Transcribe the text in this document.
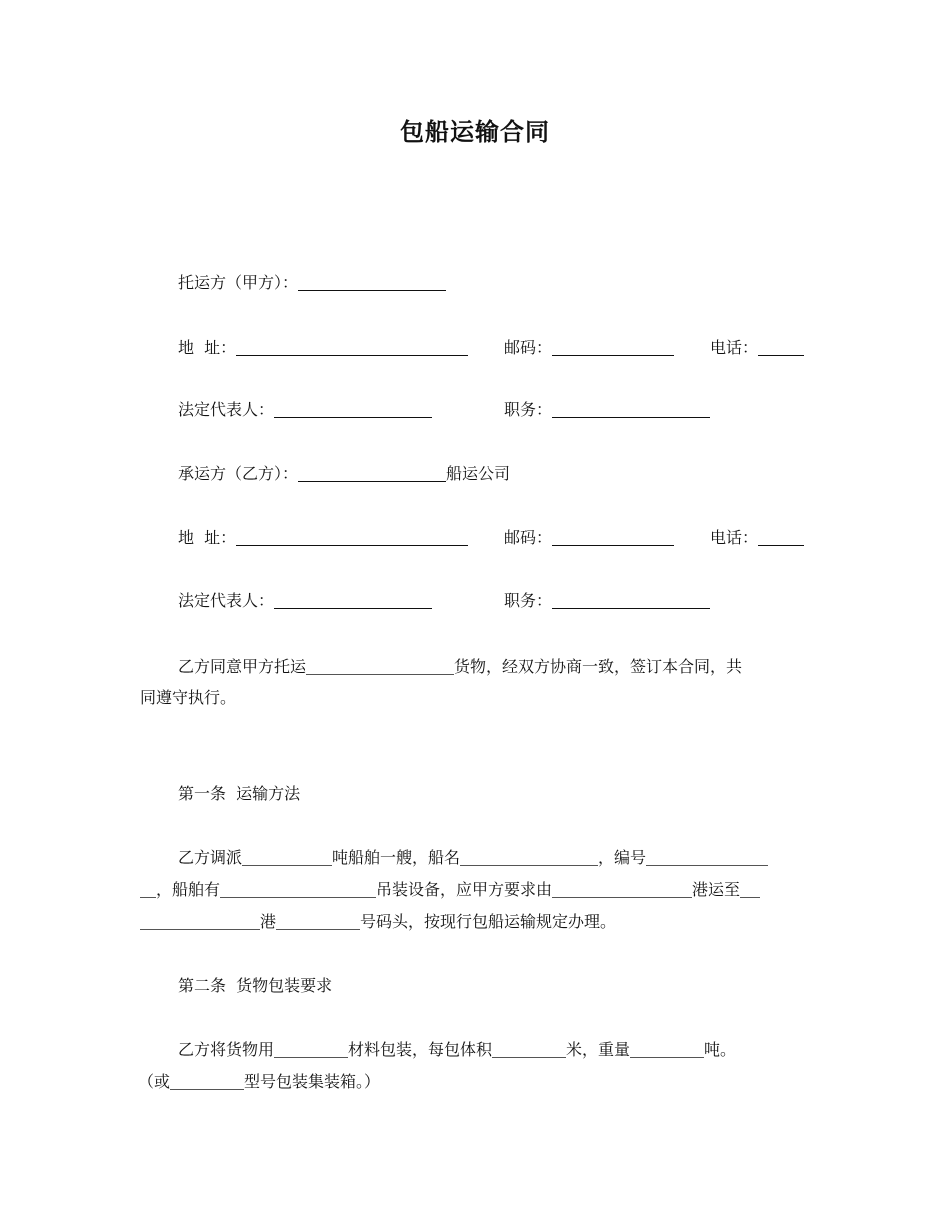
包船运输合同
托运方（甲方）：
地  址：	邮码：	电话：
法定代表人：	职务：
承运方（乙方）：	船运公司
地  址：	邮码：	电话：
法定代表人：	职务：
乙方同意甲方托运	货物，经双方协商一致，签订本合同，共
同遵守执行。
第一条  运输方法
乙方调派	吨船舶一艘，船名	，编号
，船舶有	吊装设备，应甲方要求由	港运至
港	号码头，按现行包船运输规定办理。
第二条  货物包装要求
乙方将货物用	材料包装，每包体积	米，重量	吨。
（或	型号包装集装箱。）
